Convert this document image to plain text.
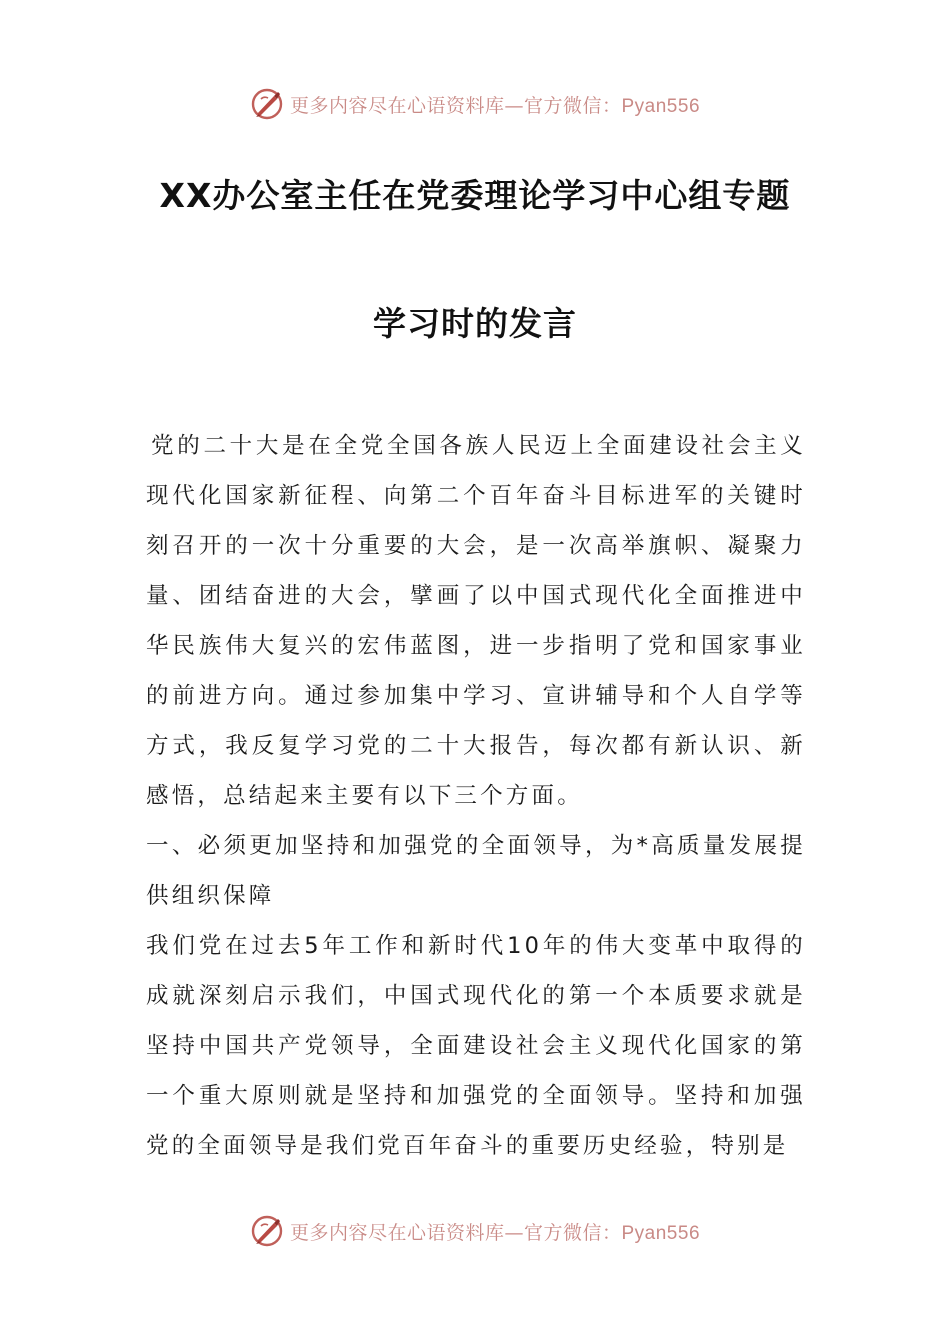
更多内容尽在心语资料库—官方微信：Pyan556
XX办公室主任在党委理论学习中心组专题
学习时的发言

党的二十大是在全党全国各族人民迈上全面建设社会主义现代化国家新征程、向第二个百年奋斗目标进军的关键时刻召开的一次十分重要的大会，是一次高举旗帜、凝聚力量、团结奋进的大会，擘画了以中国式现代化全面推进中华民族伟大复兴的宏伟蓝图，进一步指明了党和国家事业的前进方向。通过参加集中学习、宣讲辅导和个人自学等方式，我反复学习党的二十大报告，每次都有新认识、新感悟，总结起来主要有以下三个方面。

一、必须更加坚持和加强党的全面领导，为*高质量发展提供组织保障

我们党在过去5年工作和新时代10年的伟大变革中取得的成就深刻启示我们，中国式现代化的第一个本质要求就是坚持中国共产党领导，全面建设社会主义现代化国家的第一个重大原则就是坚持和加强党的全面领导。坚持和加强党的全面领导是我们党百年奋斗的重要历史经验，特别是

更多内容尽在心语资料库—官方微信：Pyan556
